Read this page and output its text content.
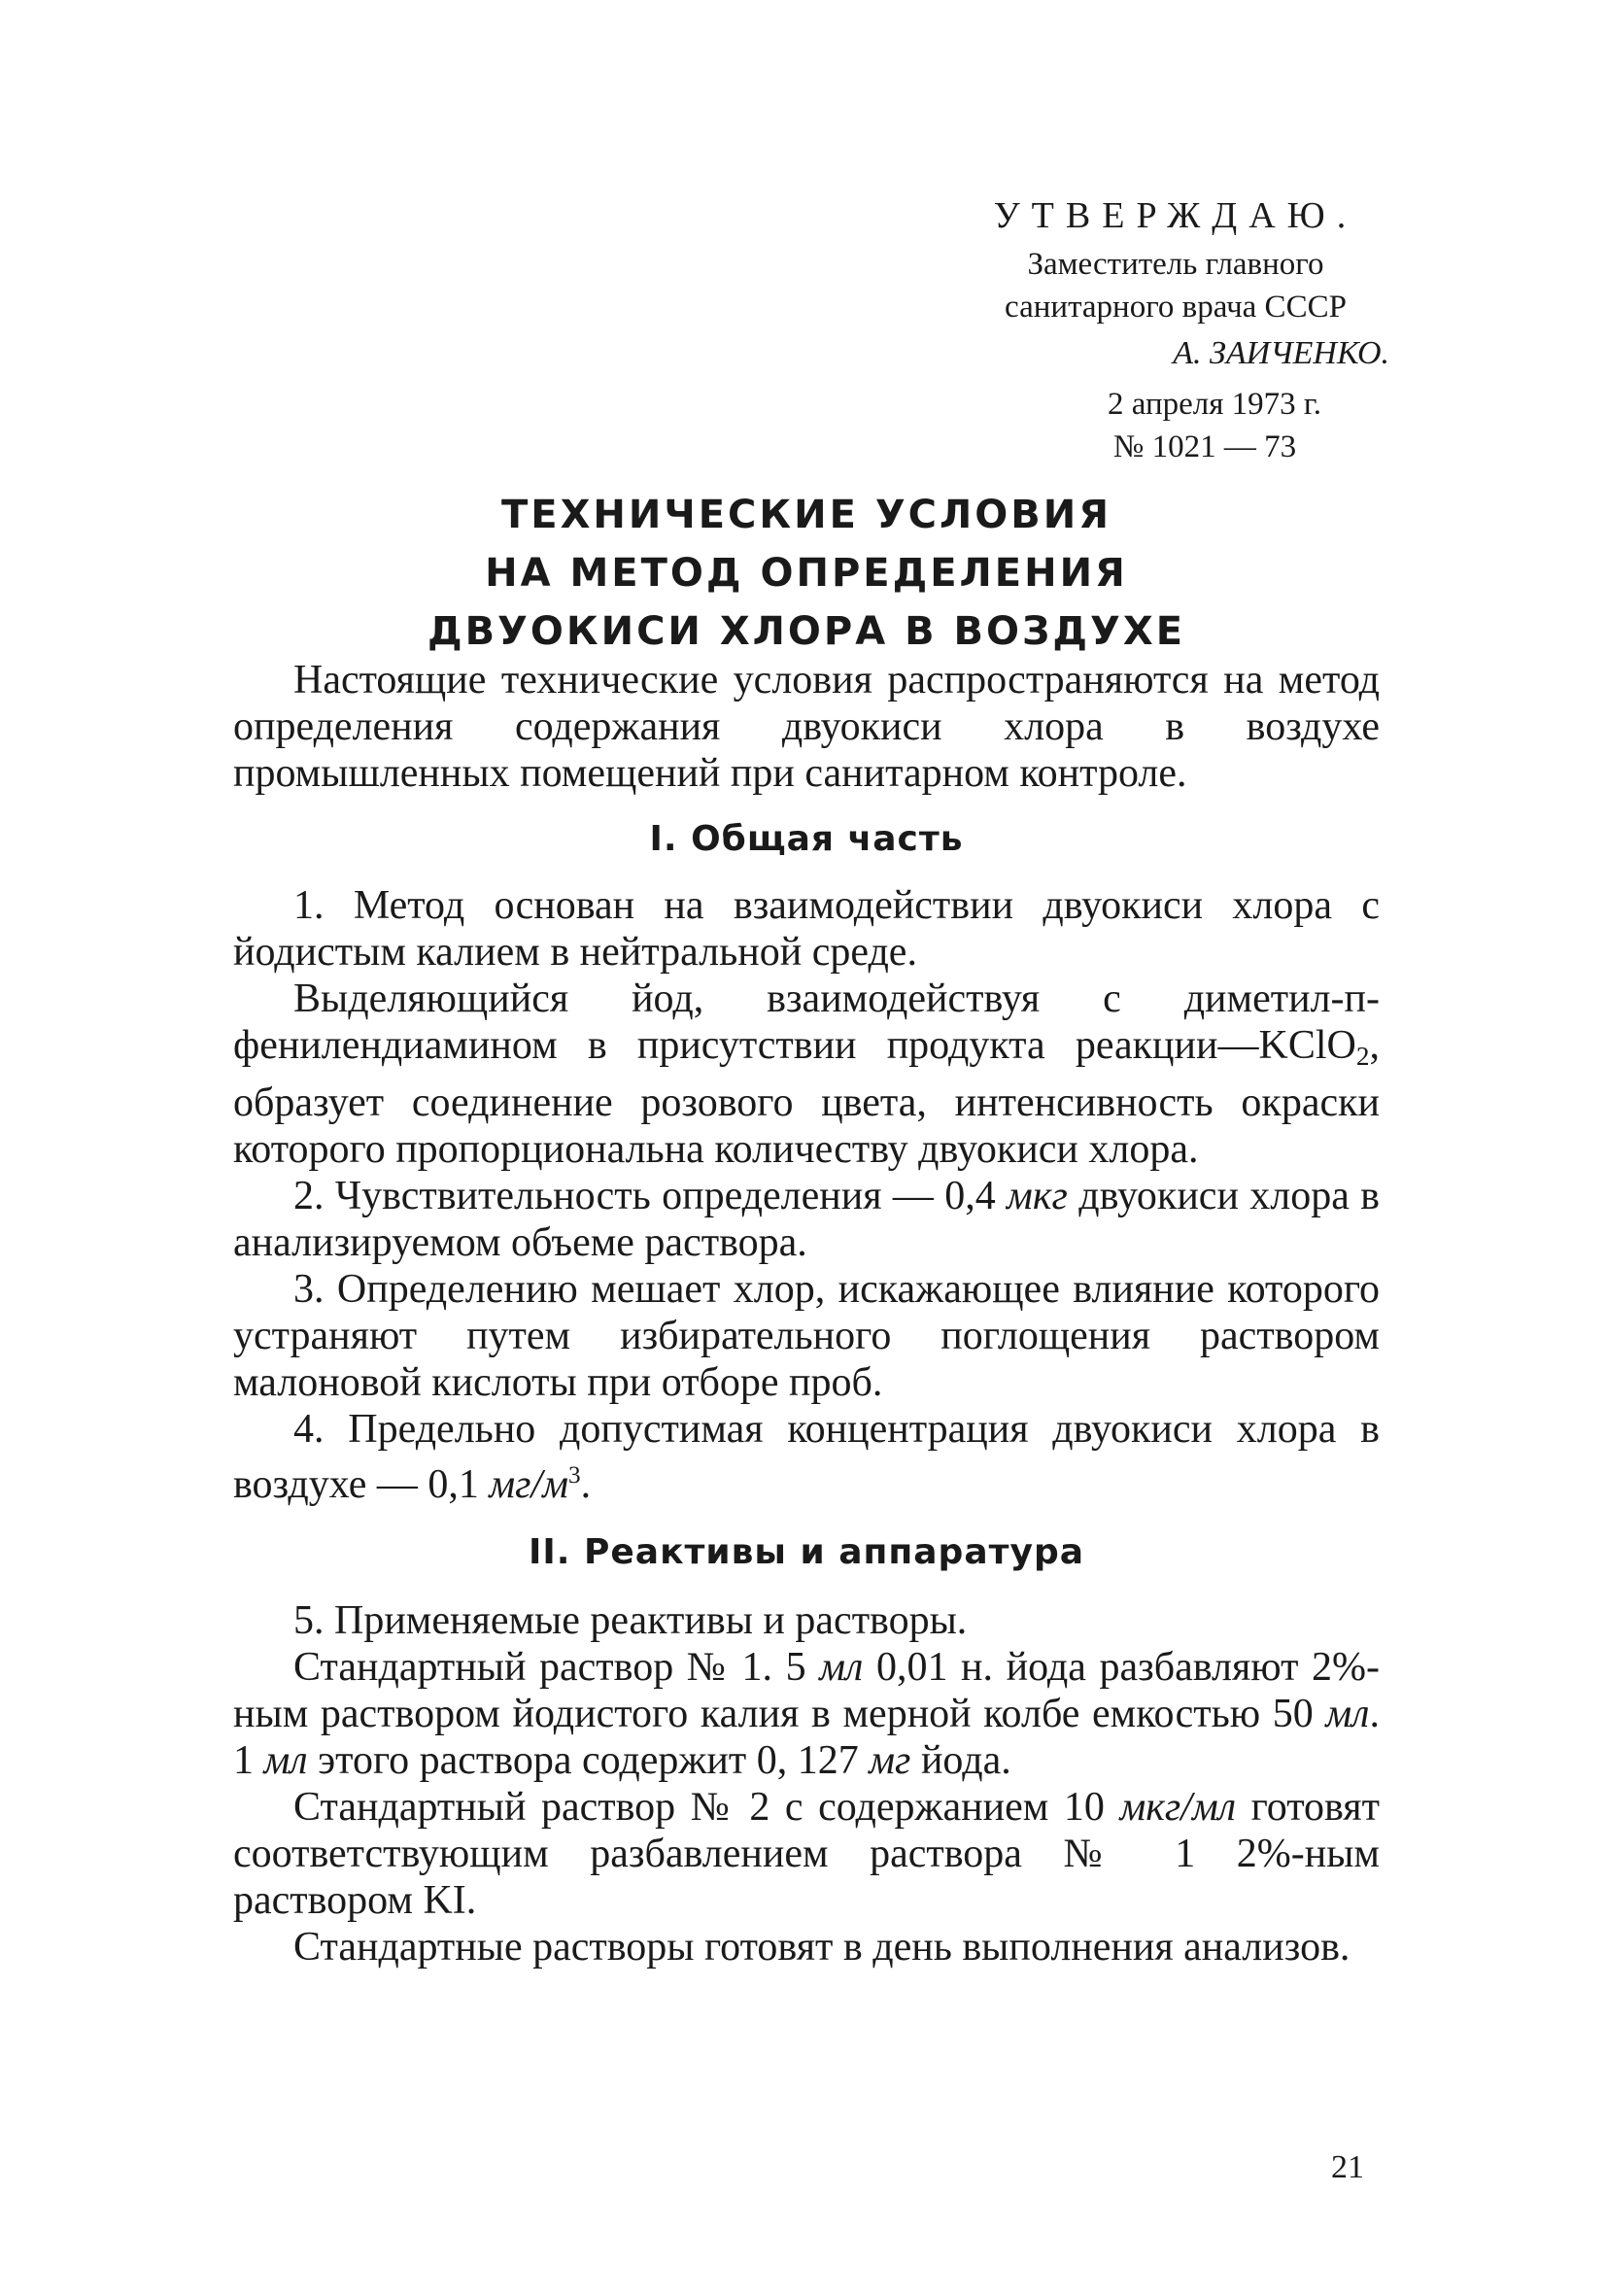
УТВЕРЖДАЮ.
Заместитель главного
санитарного врача СССР
А. ЗАИЧЕНКО.
2 апреля 1973 г.
№ 1021 — 73
ТЕХНИЧЕСКИЕ УСЛОВИЯ
НА МЕТОД ОПРЕДЕЛЕНИЯ
ДВУОКИСИ ХЛОРА В ВОЗДУХЕ

Настоящие технические условия распространяются на метод определения содержания двуокиси хлора в воздухе промышленных помещений при санитарном контроле.

I. Общая часть

1. Метод основан на взаимодействии двуокиси хлора с йодистым калием в нейтральной среде.

Выделяющийся йод, взаимодействуя с диметил-п-фенилендиамином в присутствии продукта реакции—KClO$_2$, образует соединение розового цвета, интенсивность окраски которого пропорциональна количеству двуокиси хлора.

2. Чувствительность определения — 0,4 мкг двуокиси хлора в анализируемом объеме раствора.

3. Определению мешает хлор, искажающее влияние которого устраняют путем избирательного поглощения раствором малоновой кислоты при отборе проб.

4. Предельно допустимая концентрация двуокиси хлора в воздухе — 0,1 $мг/м^3$.

II. Реактивы и аппаратура

5. Применяемые реактивы и растворы.

Стандартный раствор № 1. 5 мл 0,01 н. йода разбавляют 2%-ным раствором йодистого калия в мерной колбе емкостью 50 мл. 1 мл этого раствора содержит 0, 127 мг йода.

Стандартный раствор № 2 с содержанием 10 мкг/мл готовят соответствующим разбавлением раствора № 1 2%-ным раствором KI.

Стандартные растворы готовят в день выполнения анализов.

21
